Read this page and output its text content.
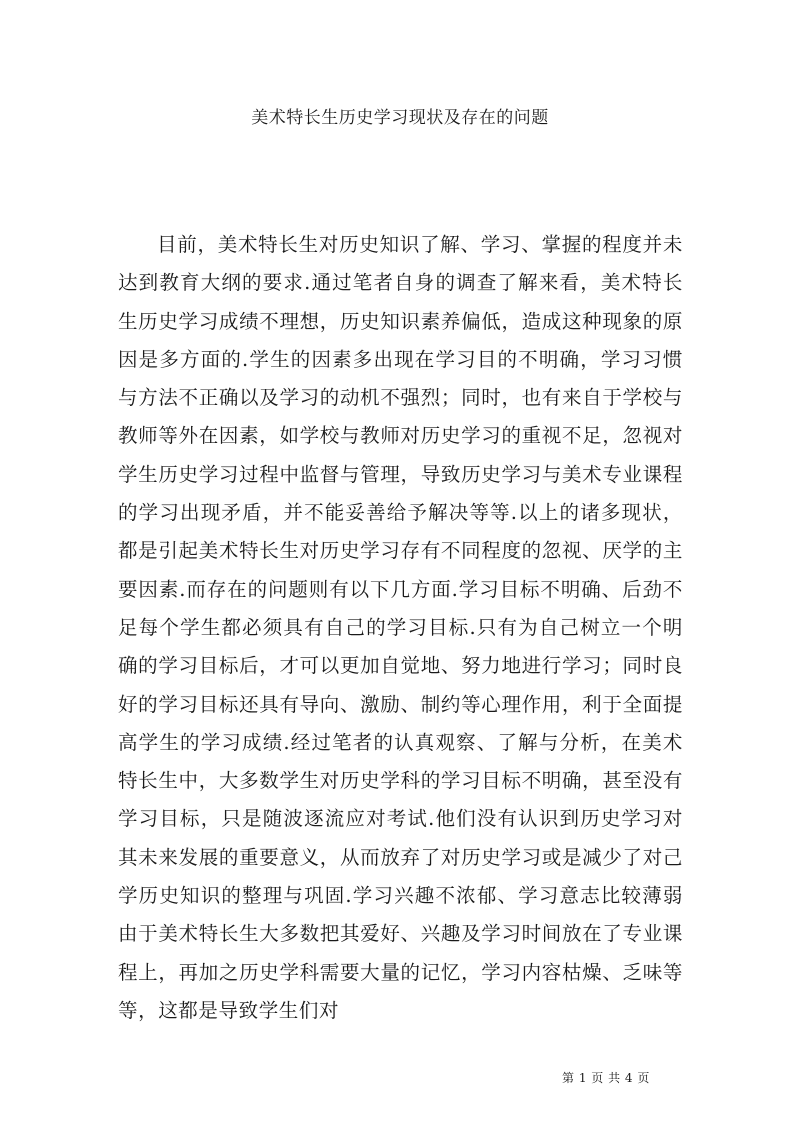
美术特长生历史学习现状及存在的问题

目前，美术特长生对历史知识了解、学习、掌握的程度并未达到教育大纲的要求.通过笔者自身的调查了解来看，美术特长生历史学习成绩不理想，历史知识素养偏低，造成这种现象的原因是多方面的.学生的因素多出现在学习目的不明确，学习习惯与方法不正确以及学习的动机不强烈；同时，也有来自于学校与教师等外在因素，如学校与教师对历史学习的重视不足，忽视对学生历史学习过程中监督与管理，导致历史学习与美术专业课程的学习出现矛盾，并不能妥善给予解决等等.以上的诸多现状，都是引起美术特长生对历史学习存有不同程度的忽视、厌学的主要因素.而存在的问题则有以下几方面.学习目标不明确、后劲不足每个学生都必须具有自己的学习目标.只有为自己树立一个明确的学习目标后，才可以更加自觉地、努力地进行学习；同时良好的学习目标还具有导向、激励、制约等心理作用，利于全面提高学生的学习成绩.经过笔者的认真观察、了解与分析，在美术特长生中，大多数学生对历史学科的学习目标不明确，甚至没有学习目标，只是随波逐流应对考试.他们没有认识到历史学习对其未来发展的重要意义，从而放弃了对历史学习或是减少了对己学历史知识的整理与巩固.学习兴趣不浓郁、学习意志比较薄弱由于美术特长生大多数把其爱好、兴趣及学习时间放在了专业课程上，再加之历史学科需要大量的记忆，学习内容枯燥、乏味等等，这都是导致学生们对

第 1 页 共 4 页
